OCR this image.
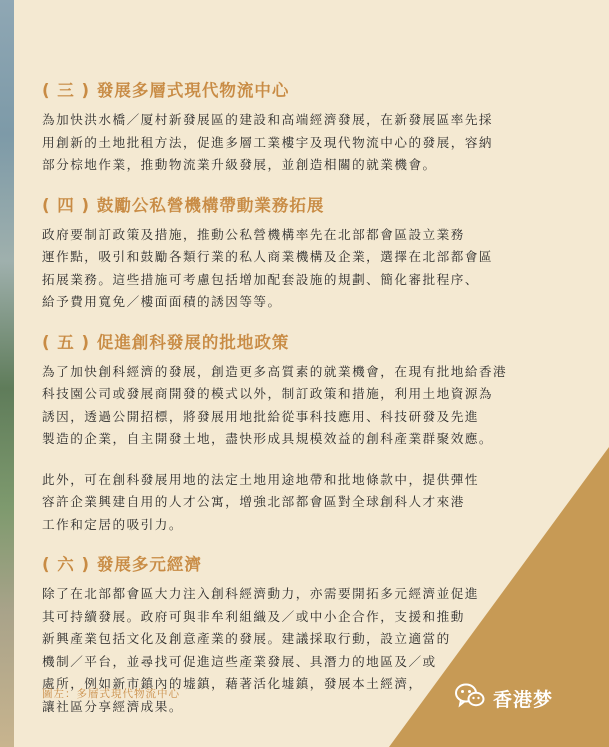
( 三 ) 發展多層式現代物流中心

為加快洪水橋／厦村新發展區的建設和高端經濟發展，在新發展區率先採
用創新的土地批租方法，促進多層工業樓宇及現代物流中心的發展，容納
部分棕地作業，推動物流業升級發展，並創造相關的就業機會。

( 四 ) 鼓勵公私營機構帶動業務拓展

政府要制訂政策及措施，推動公私營機構率先在北部都會區設立業務
運作點，吸引和鼓勵各類行業的私人商業機構及企業，選擇在北部都會區
拓展業務。這些措施可考慮包括增加配套設施的規劃、簡化審批程序、
給予費用寬免／樓面面積的誘因等等。

( 五 ) 促進創科發展的批地政策

為了加快創科經濟的發展，創造更多高質素的就業機會，在現有批地給香港
科技園公司或發展商開發的模式以外，制訂政策和措施，利用土地資源為
誘因，透過公開招標，將發展用地批給從事科技應用、科技研發及先進
製造的企業，自主開發土地，盡快形成具規模效益的創科產業群聚效應。

此外，可在創科發展用地的法定土地用途地帶和批地條款中，提供彈性
容許企業興建自用的人才公寓，增強北部都會區對全球創科人才來港
工作和定居的吸引力。

( 六 ) 發展多元經濟

除了在北部都會區大力注入創科經濟動力，亦需要開拓多元經濟並促進
其可持續發展。政府可與非牟利組織及／或中小企合作，支援和推動
新興產業包括文化及創意產業的發展。建議採取行動，設立適當的
機制／平台，並尋找可促進這些產業發展、具潛力的地區及／或
處所，例如新市鎮內的墟鎮，藉著活化墟鎮，發展本土經濟，
讓社區分享經濟成果。

圖左：多層式現代物流中心	香港梦
